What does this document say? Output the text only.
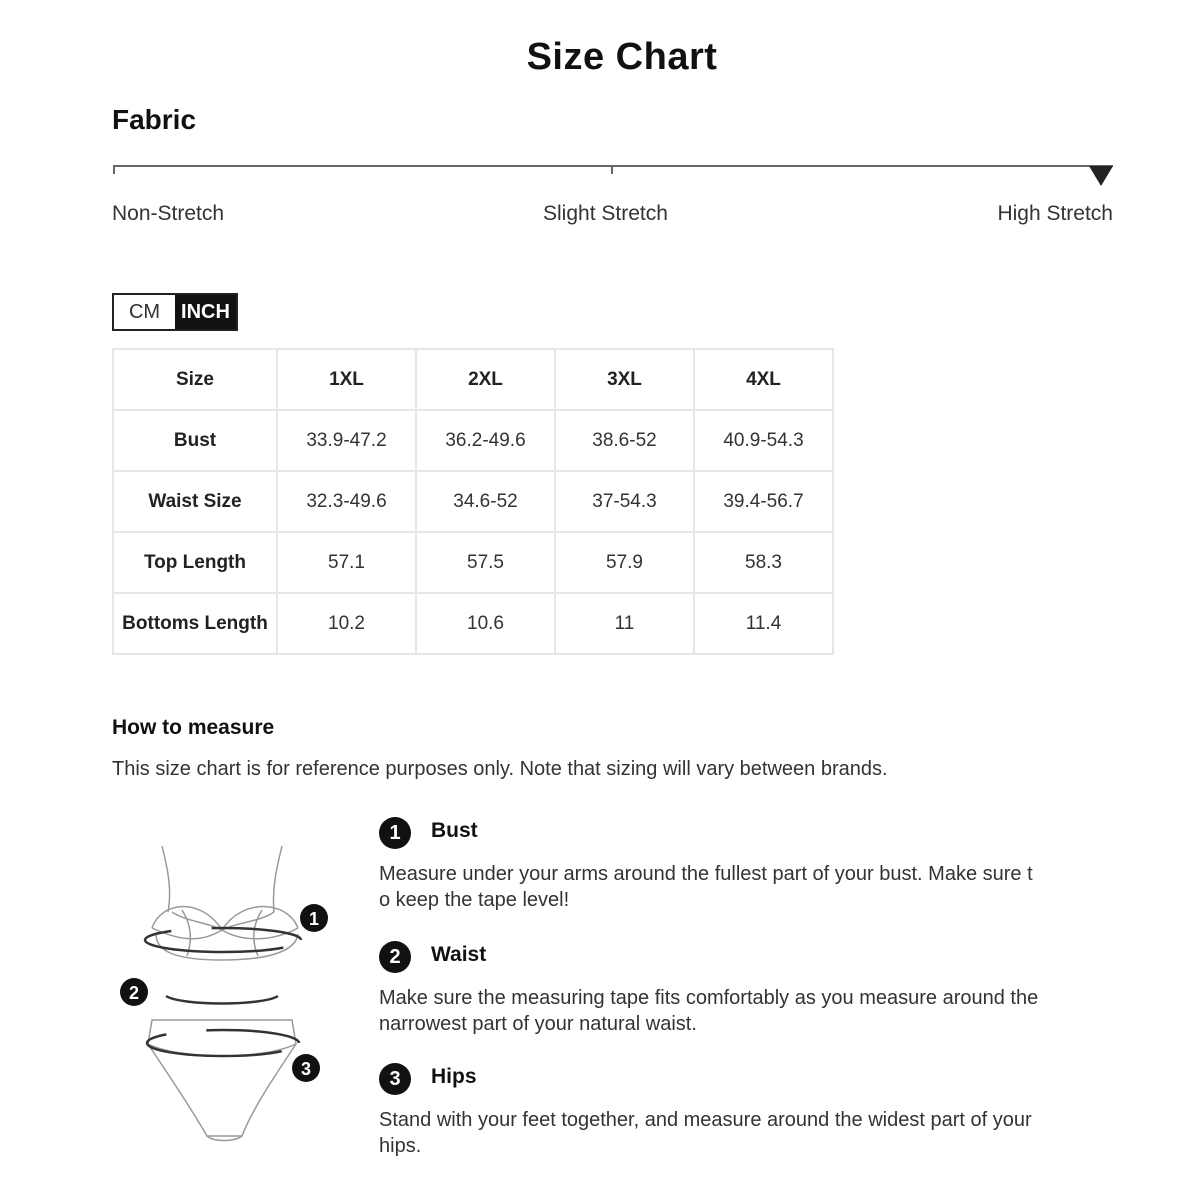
Size Chart
Fabric
Non-Stretch	Slight Stretch	High Stretch
CM	INCH
Size	1XL	2XL	3XL	4XL
Bust	33.9-47.2	36.2-49.6	38.6-52	40.9-54.3
Waist Size	32.3-49.6	34.6-52	37-54.3	39.4-56.7
Top Length	57.1	57.5	57.9	58.3
Bottoms Length	10.2	10.6	11	11.4
How to measure
This size chart is for reference purposes only. Note that sizing will vary between brands.
1
2
3
1	Bust
Measure under your arms around the fullest part of your bust. Make sure to keep the tape level!
2	Waist
Make sure the measuring tape fits comfortably as you measure around the narrowest part of your natural waist.
3	Hips
Stand with your feet together, and measure around the widest part of your hips.
